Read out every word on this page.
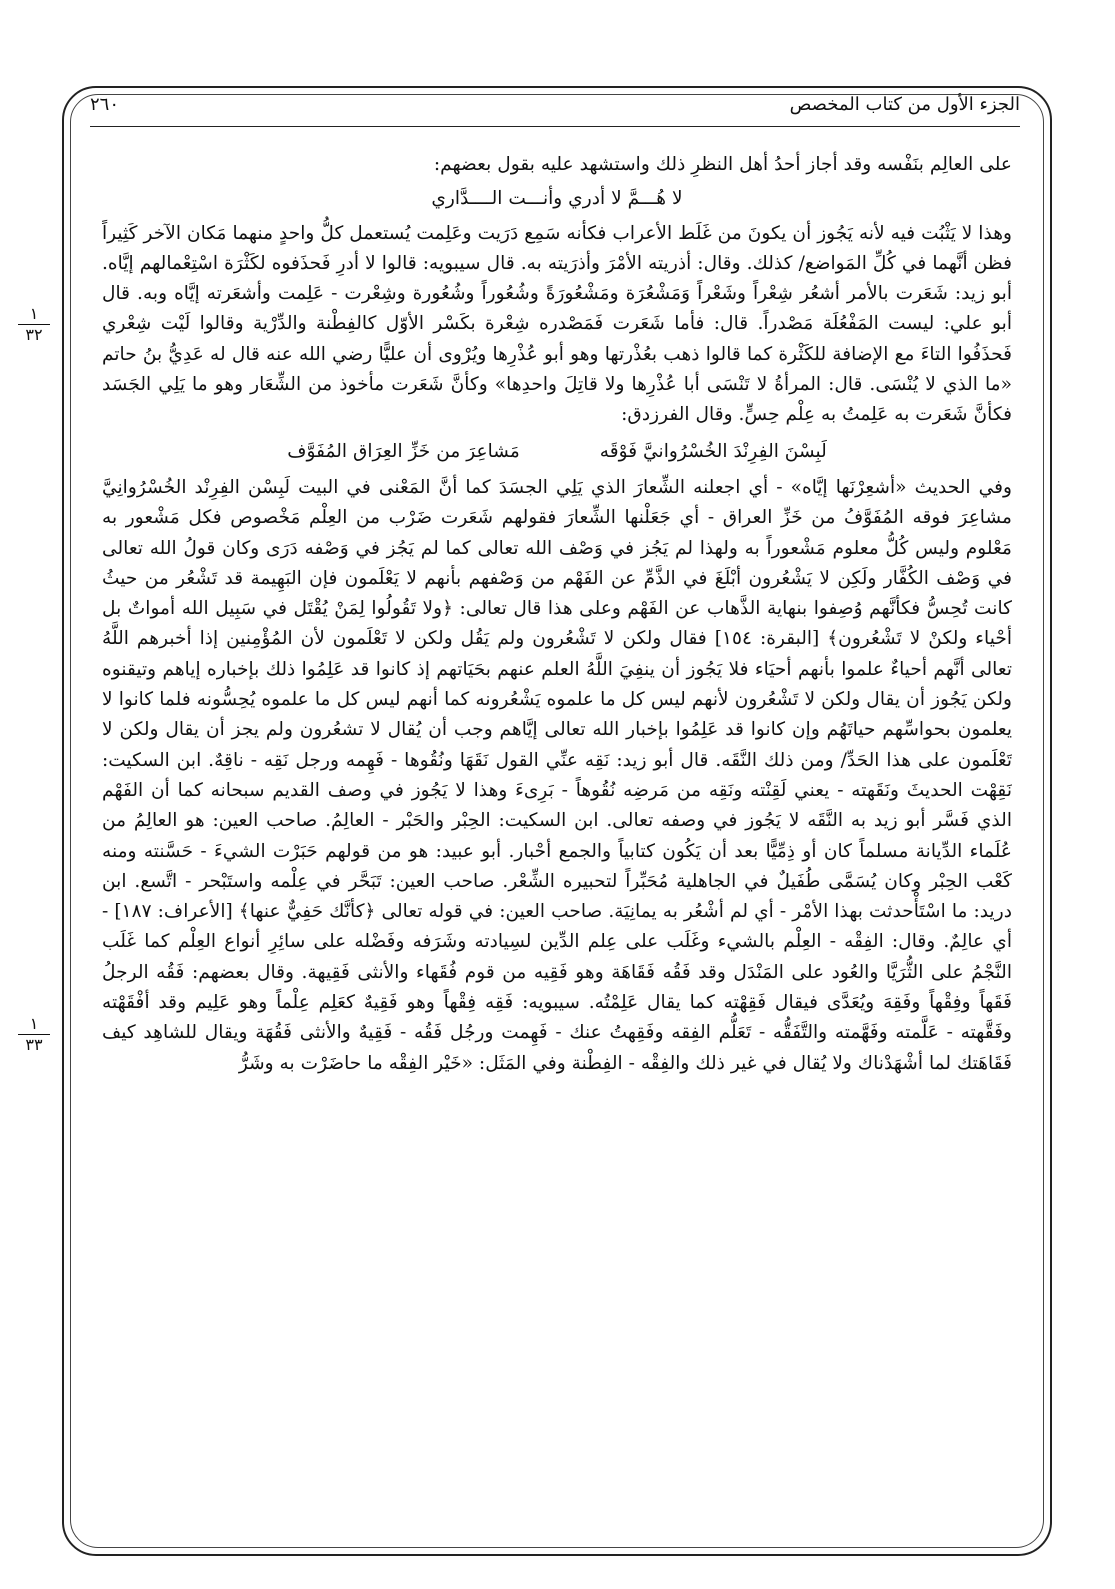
الجزء الأول من كتاب المخصص
٢٦٠
١
٣٢
١
٣٣

على العالِم بنَفْسه وقد أجاز أحدُ أهل النظرِ ذلك واستشهد عليه بقول بعضهم:

لا هُـــمَّ لا أدري وأنـــت الــــدَّاري

وهذا لا يَثْبُت فيه لأنه يَجُوز أن يكونَ من غَلَط الأعراب فكأنه سَمِع دَرَيت وعَلِمت يُستعمل كلُّ واحدٍ منهما مَكان الآخر كَثِيراً فظن أنَّهما في كُلِّ المَواضع/ كذلك. وقال: أذريته الأمْرَ وأذرَيته به. قال سيبويه: قالوا لا أدرِ فَحذَفوه لكَثْرَة اسْتِعْمالهم إيَّاه. أبو زيد: شَعَرت بالأمر أشعُر شِعْراً وشَعْراً وَمَشْعُرَة ومَشْعُورَةً وشُعُوراً وشُعُورة وشِعْرت - عَلِمت وأشعَرته إيَّاه وبه. قال أبو علي: ليست المَفْعُلَة مَصْدراً. قال: فأما شَعَرت فَمَصْدره شِعْرة بكَسْر الأوّل كالفِطْنة والدِّرْية وقالوا لَيْت شِعْري فَحذَفُوا التاءَ مع الإضافة للكَثْرة كما قالوا ذهب بعُذْرتها وهو أبو عُذْرِها ويُرْوى أن عليًّا رضي الله عنه قال له عَدِيُّ بنُ حاتم «ما الذي لا يُنْسَى. قال: المرأةُ لا تَنْسَى أبا عُذْرِها ولا قاتِلَ واحدِها» وكأنَّ شَعَرت مأخوذ من الشِّعَار وهو ما يَلِي الجَسَد فكأنَّ شَعَرت به عَلِمتُ به عِلْم حِسٍّ. وقال الفرزدق:

لَبِسْنَ الفِرِنْدَ الخُسْرُوانيَّ فَوْقَه
مَشاعِرَ من خَزِّ العِرَاق المُفَوَّف

وفي الحديث «أشعِرْنَها إيَّاه» - أي اجعلنه الشِّعارَ الذي يَلِي الجسَدَ كما أنَّ المَعْنى في البيت لَبِسْن الفِرِنْد الخُسْرُوانِيَّ مشاعِرَ فوقه المُفَوَّفُ من خَزِّ العراق - أي جَعَلْنها الشِّعارَ فقولهم شَعَرت ضَرْب من العِلْم مَخْصوص فكل مَشْعور به مَعْلوم وليس كُلُّ معلوم مَشْعوراً به ولهذا لم يَجُز في وَصْف الله تعالى كما لم يَجُز في وَصْفه دَرَى وكان قولُ الله تعالى في وَصْف الكُفَّار ولَكِن لا يَشْعُرون أبْلَغَ في الذَّمِّ عن الفَهْم من وَصْفهم بأنهم لا يَعْلَمون فإن البَهِيمة قد تَشْعُر من حيثُ كانت تُحِسُّ فكأنَّهم وُصِفوا بنهاية الذَّهاب عن الفَهْم وعلى هذا قال تعالى: ﴿ولا تَقُولُوا لِمَنْ يُقْتَل في سَبِيل الله أمواتٌ بل أحْياء ولكنْ لا تَشْعُرون﴾ [البقرة: ١٥٤] فقال ولكن لا تَشْعُرون ولم يَقُل ولكن لا تَعْلَمون لأن المُؤْمِنين إذا أخبرهم اللَّهُ تعالى أنَّهم أحياءٌ علموا بأنهم أحيَاء فلا يَجُوز أن ينفِيَ اللَّهُ العلم عنهم بحَيَاتهم إذ كانوا قد عَلِمُوا ذلك بإخباره إياهم وتيقنوه ولكن يَجُوز أن يقال ولكن لا تَشْعُرون لأنهم ليس كل ما علموه يَشْعُرونه كما أنهم ليس كل ما علموه يُحِسُّونه فلما كانوا لا يعلمون بحواسِّهم حياتَهُم وإن كانوا قد عَلِمُوا بإخبار الله تعالى إيَّاهم وجب أن يُقال لا تشعُرون ولم يجز أن يقال ولكن لا تَعْلَمون على هذا الحَدِّ/ ومن ذلك النَّقَه. قال أبو زيد: نَقِه عنِّي القول نَقَهَا ونُقُوها - فَهِمه ورجل نَقِه - ناقِهٌ. ابن السكيت: نَقِهْت الحديثَ ونَقَهته - يعني لَقِنْته ونَقِه من مَرضِه نُقُوهاً - بَرِىءَ وهذا لا يَجُوز في وصف القديم سبحانه كما أن الفَهْم الذي فَسَّر أبو زيد به النَّقَه لا يَجُوز في وصفه تعالى. ابن السكيت: الحِبْر والحَبْر - العالِمُ. صاحب العين: هو العالِمُ من عُلَماء الدِّيانة مسلماً كان أو ذِمِّيًّا بعد أن يَكُون كتابياً والجمع أحْبار. أبو عبيد: هو من قولهم حَبَرْت الشيءَ - حَسَّنته ومنه كَعْب الحِبْر وكان يُسَمَّى طُفَيلٌ في الجاهلية مُحَبِّراً لتحبيره الشِّعْر. صاحب العين: تَبَحَّر في عِلْمه واستَبْحر - اتَّسع. ابن دريد: ما اسْتَأْحدثت بهذا الأمْر - أي لم أشْعُر به يمانِيَة. صاحب العين: في قوله تعالى ﴿كأنَّك حَفِيٌّ عنها﴾ [الأعراف: ١٨٧] - أي عالِمٌ. وقال: الفِقْه - العِلْم بالشيء وغَلَب على عِلم الدِّين لسِيادته وشَرَفه وفَضْله على سائِرِ أنواع العِلْم كما غَلَب النَّجْمُ على الثُّرَيَّا والعُود على المَنْدَل وقد فَقُه فَقَاهَة وهو فَقِيه من قوم فُقَهاء والأنثى فَقِيهة. وقال بعضهم: فَقُه الرجلُ فَقَهاً وفِقْهاً وفَقِهَ ويُعَدَّى فيقال فَقِهْته كما يقال عَلِمْتُه. سيبويه: فَقِه فِقْهاً وهو فَقِيهٌ كعَلِم عِلْماً وهو عَلِيم وقد أفْقَهْته وفَقَّهته - عَلَّمته وفَهَّمته والتَّفَقُّه - تَعَلُّم الفِقه وفَقِهتُ عنك - فَهِمت ورجُل فَقُه - فَقِيهٌ والأنثى فَقُهَة ويقال للشاهِد كيف فَقَاهَتك لما أشْهَدْناك ولا يُقال في غير ذلك والفِقْه - الفِطْنة وفي المَثَل: «خَيْر الفِقْه ما حاضَرْت به وشَرُّ
